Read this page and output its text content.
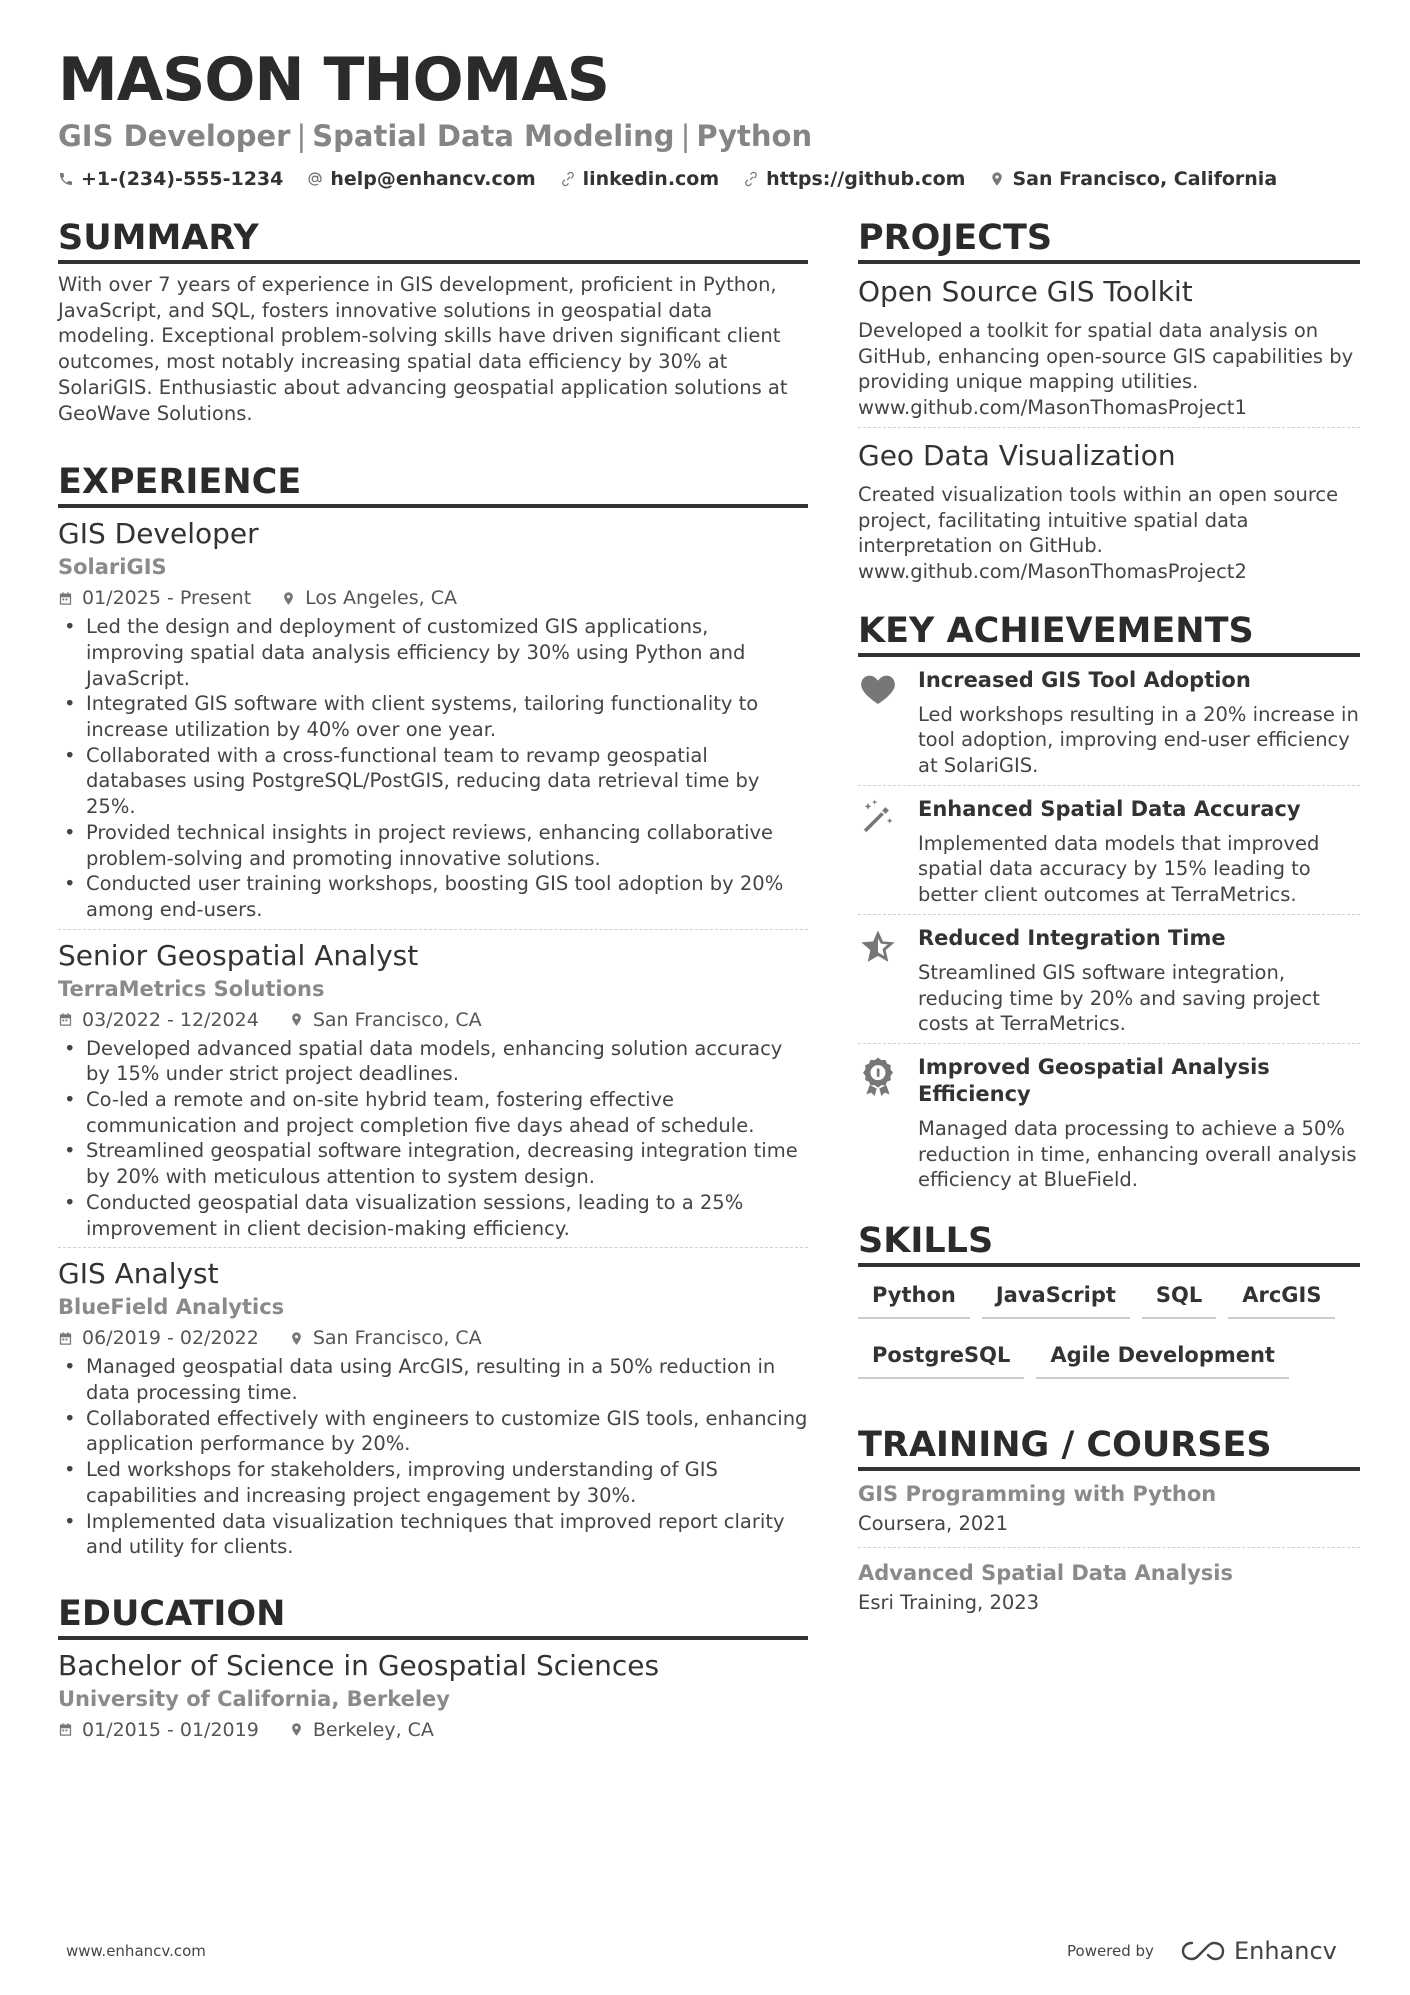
MASON THOMAS
GIS Developer | Spatial Data Modeling | Python
+1-(234)-555-1234 help@enhancv.com linkedin.com https://github.com San Francisco, California
SUMMARY
With over 7 years of experience in GIS development, proficient in Python, JavaScript, and SQL, fosters innovative solutions in geospatial data modeling. Exceptional problem-solving skills have driven significant client outcomes, most notably increasing spatial data efficiency by 30% at SolariGIS. Enthusiastic about advancing geospatial application solutions at GeoWave Solutions.
EXPERIENCE
GIS Developer
SolariGIS
01/2025 - Present	Los Angeles, CA
• Led the design and deployment of customized GIS applications, improving spatial data analysis efficiency by 30% using Python and JavaScript.
• Integrated GIS software with client systems, tailoring functionality to increase utilization by 40% over one year.
• Collaborated with a cross-functional team to revamp geospatial databases using PostgreSQL/PostGIS, reducing data retrieval time by 25%.
• Provided technical insights in project reviews, enhancing collaborative problem-solving and promoting innovative solutions.
• Conducted user training workshops, boosting GIS tool adoption by 20% among end-users.
Senior Geospatial Analyst
TerraMetrics Solutions
03/2022 - 12/2024	San Francisco, CA
• Developed advanced spatial data models, enhancing solution accuracy by 15% under strict project deadlines.
• Co-led a remote and on-site hybrid team, fostering effective communication and project completion five days ahead of schedule.
• Streamlined geospatial software integration, decreasing integration time by 20% with meticulous attention to system design.
• Conducted geospatial data visualization sessions, leading to a 25% improvement in client decision-making efficiency.
GIS Analyst
BlueField Analytics
06/2019 - 02/2022	San Francisco, CA
• Managed geospatial data using ArcGIS, resulting in a 50% reduction in data processing time.
• Collaborated effectively with engineers to customize GIS tools, enhancing application performance by 20%.
• Led workshops for stakeholders, improving understanding of GIS capabilities and increasing project engagement by 30%.
• Implemented data visualization techniques that improved report clarity and utility for clients.
EDUCATION
Bachelor of Science in Geospatial Sciences
University of California, Berkeley
01/2015 - 01/2019	Berkeley, CA
PROJECTS
Open Source GIS Toolkit
Developed a toolkit for spatial data analysis on GitHub, enhancing open-source GIS capabilities by providing unique mapping utilities.
www.github.com/MasonThomasProject1
Geo Data Visualization
Created visualization tools within an open source project, facilitating intuitive spatial data interpretation on GitHub.
www.github.com/MasonThomasProject2
KEY ACHIEVEMENTS
Increased GIS Tool Adoption
Led workshops resulting in a 20% increase in tool adoption, improving end-user efficiency at SolariGIS.
Enhanced Spatial Data Accuracy
Implemented data models that improved spatial data accuracy by 15% leading to better client outcomes at TerraMetrics.
Reduced Integration Time
Streamlined GIS software integration, reducing time by 20% and saving project costs at TerraMetrics.
Improved Geospatial Analysis Efficiency
Managed data processing to achieve a 50% reduction in time, enhancing overall analysis efficiency at BlueField.
SKILLS
Python	JavaScript	SQL	ArcGIS
PostgreSQL	Agile Development
TRAINING / COURSES
GIS Programming with Python
Coursera, 2021
Advanced Spatial Data Analysis
Esri Training, 2023
www.enhancv.com	Powered by	Enhancv
